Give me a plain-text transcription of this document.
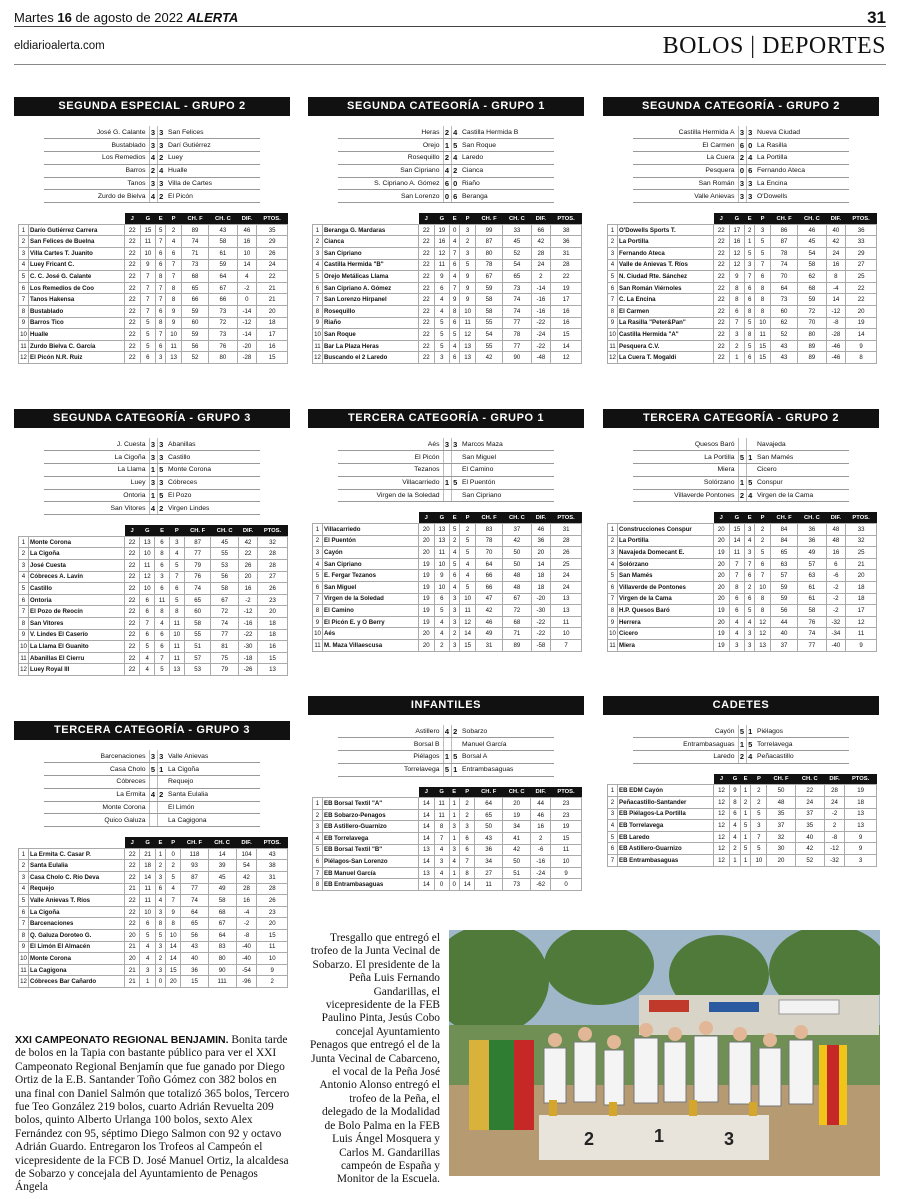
Martes 16 de agosto de 2022 ALERTA	31
eldiarioalerta.com	BOLOS | DEPORTES
SEGUNDA ESPECIAL - GRUPO 2
José G. Calante	3	3	San Felices
Bustablado	3	3	Darí Gutiérrez
Los Remedios	4	2	Luey
Barros	2	4	Hualle
Tanos	3	3	Villa de Cartes
Zurdo de Bielva	4	2	El Picón
		J	G	E	P	CH. F	CH. C	DIF.	PTOS.
1	Darío Gutiérrez Carrera	22	15	5	2	89	43	46	35
2	San Felices de Buelna	22	11	7	4	74	58	16	29
3	Villa Cartes T. Juanito	22	10	6	6	71	61	10	26
4	Luey Fricant C.	22	9	6	7	73	59	14	24
5	C. C. José G. Calante	22	7	8	7	68	64	4	22
6	Los Remedios de Coo	22	7	7	8	65	67	-2	21
7	Tanos Hakensa	22	7	7	8	66	66	0	21
8	Bustablado	22	7	6	9	59	73	-14	20
9	Barros Tico	22	5	8	9	60	72	-12	18
10	Hualle	22	5	7	10	59	73	-14	17
11	Zurdo Bielva C. García	22	5	6	11	56	76	-20	16
12	El Picón N.R. Ruiz	22	6	3	13	52	80	-28	15
SEGUNDA CATEGORÍA - GRUPO 1
Heras	2	4	Castilla Hermida B
Orejo	1	5	San Roque
Rosequillo	2	4	Laredo
San Cipriano	4	2	Cianca
S. Cipriano A. Gómez	6	0	Riaño
San Lorenzo	0	6	Beranga
		J	G	E	P	CH. F	CH. C	DIF.	PTOS.
1	Beranga G. Mardaras	22	19	0	3	99	33	66	38
2	Cianca	22	16	4	2	87	45	42	36
3	San Cipriano	22	12	7	3	80	52	28	31
4	Castilla Hermida "B"	22	11	6	5	78	54	24	28
5	Orejo Metálicas Llama	22	9	4	9	67	65	2	22
6	San Cipriano A. Gómez	22	6	7	9	59	73	-14	19
7	San Lorenzo Hirpanel	22	4	9	9	58	74	-16	17
8	Rosequillo	22	4	8	10	58	74	-16	16
9	Riaño	22	5	6	11	55	77	-22	16
10	San Roque	22	5	5	12	54	78	-24	15
11	Bar La Plaza Heras	22	5	4	13	55	77	-22	14
12	Buscando el 2 Laredo	22	3	6	13	42	90	-48	12
SEGUNDA CATEGORÍA - GRUPO 2
Castilla Hermida A	3	3	Nueva Ciudad
El Carmen	6	0	La Rasilla
La Cuera	2	4	La Portilla
Pesquera	0	6	Fernando Ateca
San Román	3	3	La Encina
Valle Anievas	3	3	O'Dowells
		J	G	E	P	CH. F	CH. C	DIF.	PTOS.
1	O'Dowells Sports T.	22	17	2	3	86	46	40	36
2	La Portilla	22	16	1	5	87	45	42	33
3	Fernando Ateca	22	12	5	5	78	54	24	29
4	Valle de Anievas T. Ríos	22	12	3	7	74	58	16	27
5	N. Ciudad Rte. Sánchez	22	9	7	6	70	62	8	25
6	San Román Viérnoles	22	8	6	8	64	68	-4	22
7	C. La Encina	22	8	6	8	73	59	14	22
8	El Carmen	22	6	8	8	60	72	-12	20
9	La Rasilla "Peter&Pan"	22	7	5	10	62	70	-8	19
10	Castilla Hermida "A"	22	3	8	11	52	80	-28	14
11	Pesquera C.V.	22	2	5	15	43	89	-46	9
12	La Cuera T. Mogaldi	22	1	6	15	43	89	-46	8
SEGUNDA CATEGORÍA - GRUPO 3
J. Cuesta	3	3	Abanillas
La Cigoña	3	3	Castillo
La Llama	1	5	Monte Corona
Luey	3	3	Cóbreces
Ontoria	1	5	El Pozo
San Vitores	4	2	Virgen Lindes
		J	G	E	P	CH. F	CH. C	DIF.	PTOS.
1	Monte Corona	22	13	6	3	87	45	42	32
2	La Cigoña	22	10	8	4	77	55	22	28
3	José Cuesta	22	11	6	5	79	53	26	28
4	Cóbreces A. Lavín	22	12	3	7	76	56	20	27
5	Castillo	22	10	6	6	74	58	16	26
6	Ontoria	22	6	11	5	65	67	-2	23
7	El Pozo de Reocín	22	6	8	8	60	72	-12	20
8	San Vitores	22	7	4	11	58	74	-16	18
9	V. Lindes El Caserío	22	6	6	10	55	77	-22	18
10	La Llama El Guanito	22	5	6	11	51	81	-30	16
11	Abanillas El Cierru	22	4	7	11	57	75	-18	15
12	Luey Royal III	22	4	5	13	53	79	-26	13
TERCERA CATEGORÍA - GRUPO 1
Aés	3	3	Marcos Maza
El Picón			San Miguel
Tezanos			El Camino
Villacarriedo	1	5	El Puentón
Virgen de la Soledad			San Cipriano
		J	G	E	P	CH. F	CH. C	DIF.	PTOS.
1	Villacarriedo	20	13	5	2	83	37	46	31
2	El Puentón	20	13	2	5	78	42	36	28
3	Cayón	20	11	4	5	70	50	20	26
4	San Cipriano	19	10	5	4	64	50	14	25
5	E. Fergar Tezanos	19	9	6	4	66	48	18	24
6	San Miguel	19	10	4	5	66	48	18	24
7	Virgen de la Soledad	19	6	3	10	47	67	-20	13
8	El Camino	19	5	3	11	42	72	-30	13
9	El Picón E. y O Berry	19	4	3	12	46	68	-22	11
10	Aés	20	4	2	14	49	71	-22	10
11	M. Maza Villaescusa	20	2	3	15	31	89	-58	7
TERCERA CATEGORÍA - GRUPO 2
Quesos Baró			Navajeda
La Portilla	5	1	San Mamés
Miera			Cicero
Solórzano	1	5	Conspur
Villaverde Pontones	2	4	Virgen de la Cama
		J	G	E	P	CH. F	CH. C	DIF.	PTOS.
1	Construcciones Conspur	20	15	3	2	84	36	48	33
2	La Portilla	20	14	4	2	84	36	48	32
3	Navajeda Domecant E.	19	11	3	5	65	49	16	25
4	Solórzano	20	7	7	6	63	57	6	21
5	San Mamés	20	7	6	7	57	63	-6	20
6	Villaverde de Pontones	20	8	2	10	59	61	-2	18
7	Virgen de la Cama	20	6	6	8	59	61	-2	18
8	H.P. Quesos Baró	19	6	5	8	56	58	-2	17
9	Herrera	20	4	4	12	44	76	-32	12
10	Cicero	19	4	3	12	40	74	-34	11
11	Miera	19	3	3	13	37	77	-40	9
TERCERA CATEGORÍA - GRUPO 3
Barcenaciones	3	3	Valle Anievas
Casa Cholo	5	1	La Cigoña
Cóbreces			Requejo
La Ermita	4	2	Santa Eulalia
Monte Corona			El Limón
Quico Galuza			La Cagigona
		J	G	E	P	CH. F	CH. C	DIF.	PTOS.
1	La Ermita C. Casar P.	22	21	1	0	118	14	104	43
2	Santa Eulalia	22	18	2	2	93	39	54	38
3	Casa Cholo C. Río Deva	22	14	3	5	87	45	42	31
4	Requejo	21	11	6	4	77	49	28	28
5	Valle Anievas T. Ríos	22	11	4	7	74	58	16	26
6	La Cigoña	22	10	3	9	64	68	-4	23
7	Barcenaciones	22	6	8	8	65	67	-2	20
8	Q. Galuza Doroteo G.	20	5	5	10	56	64	-8	15
9	El Limón El Almacén	21	4	3	14	43	83	-40	11
10	Monte Corona	20	4	2	14	40	80	-40	10
11	La Cagigona	21	3	3	15	36	90	-54	9
12	Cóbreces Bar Cañardo	21	1	0	20	15	111	-96	2
INFANTILES
Astillero	4	2	Sobarzo
Borsal B			Manuel García
Piélagos	1	5	Borsal A
Torrelavega	5	1	Entrambasaguas
		J	G	E	P	CH. F	CH. C	DIF.	PTOS.
1	EB Borsal Textil "A"	14	11	1	2	64	20	44	23
2	EB Sobarzo-Penagos	14	11	1	2	65	19	46	23
3	EB Astillero-Guarnizo	14	8	3	3	50	34	16	19
4	EB Torrelavega	14	7	1	6	43	41	2	15
5	EB Borsal Textil "B"	13	4	3	6	36	42	-6	11
6	Piélagos-San Lorenzo	14	3	4	7	34	50	-16	10
7	EB Manuel García	13	4	1	8	27	51	-24	9
8	EB Entrambasaguas	14	0	0	14	11	73	-62	0
CADETES
Cayón	5	1	Piélagos
Entrambasaguas	1	5	Torrelavega
Laredo	2	4	Peñacastillo
		J	G	E	P	CH. F	CH. C	DIF.	PTOS.
1	EB EDM Cayón	12	9	1	2	50	22	28	19
2	Peñacastillo-Santander	12	8	2	2	48	24	24	18
3	EB Piélagos-La Portilla	12	6	1	5	35	37	-2	13
4	EB Torrelavega	12	4	5	3	37	35	2	13
5	EB Laredo	12	4	1	7	32	40	-8	9
6	EB Astillero-Guarnizo	12	2	5	5	30	42	-12	9
7	EB Entrambasaguas	12	1	1	10	20	52	-32	3
XXI CAMPEONATO REGIONAL BENJAMIN. Bonita tarde de bolos en la Tapia con bastante público para ver el XXI Campeonato Regional Benjamín que fue ganado por Diego Ortiz de la E.B. Santander Toño Gómez con 382 bolos en una final con Daniel Salmón que totalizó 365 bolos, Tercero fue Teo González 219 bolos, cuarto Adrián Revuelta 209 bolos, quinto Alberto Urlanga 100 bolos, sexto Alex Fernández con 95, séptimo Diego Salmon con 92 y octavo Adrián Guardo. Entregaron los Trofeos al Campeón el vicepresidente de la FCB D. José Manuel Ortiz, la alcaldesa de Sobarzo y concejala del Ayuntamiento de Penagos Ángela
Tresgallo que entregó el trofeo de la Junta Vecinal de Sobarzo. El presidente de la Peña Luis Fernando Gandarillas, el vicepresidente de la FEB Paulino Pinta, Jesús Cobo concejal Ayuntamiento Penagos que entregó el de la Junta Vecinal de Cabarceno, el vocal de la Peña José Antonio Alonso entregó el trofeo de la Peña, el delegado de la Modalidad de Bolo Palma en la FEB Luis Ángel Mosquera y Carlos M. Gandarillas campeón de España y Monitor de la Escuela.
2	1	3
